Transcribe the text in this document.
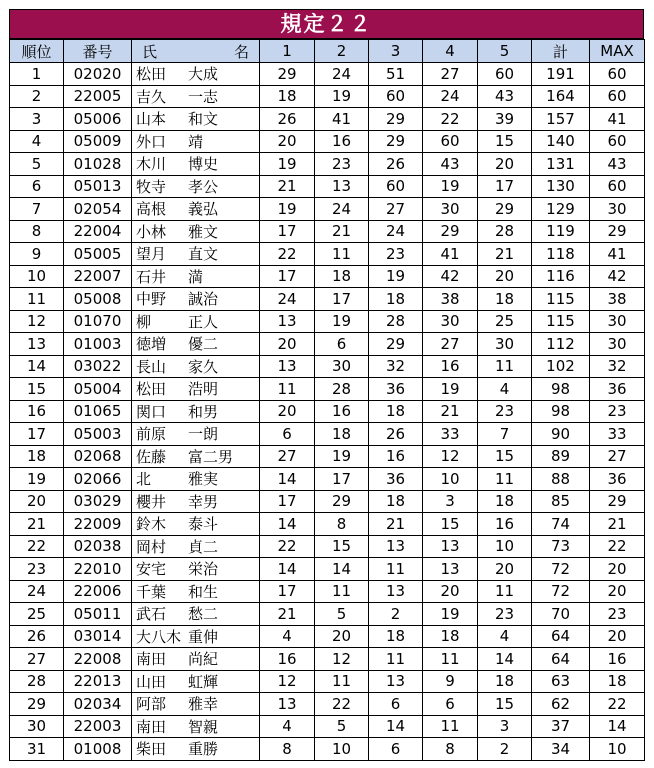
規定２２
順位	番号	氏 名	1	2	3	4	5	計	MAX
1	02020	松田 大成	29	24	51	27	60	191	60
2	22005	吉久 一志	18	19	60	24	43	164	60
3	05006	山本 和文	26	41	29	22	39	157	41
4	05009	外口 靖	20	16	29	60	15	140	60
5	01028	木川 博史	19	23	26	43	20	131	43
6	05013	牧寺 孝公	21	13	60	19	17	130	60
7	02054	高根 義弘	19	24	27	30	29	129	30
8	22004	小林 雅文	17	21	24	29	28	119	29
9	05005	望月 直文	22	11	23	41	21	118	41
10	22007	石井 満	17	18	19	42	20	116	42
11	05008	中野 誠治	24	17	18	38	18	115	38
12	01070	柳 正人	13	19	28	30	25	115	30
13	01003	徳増 優二	20	6	29	27	30	112	30
14	03022	長山 家久	13	30	32	16	11	102	32
15	05004	松田 浩明	11	28	36	19	4	98	36
16	01065	関口 和男	20	16	18	21	23	98	23
17	05003	前原 一朗	6	18	26	33	7	90	33
18	02068	佐藤 富二男	27	19	16	12	15	89	27
19	02066	北 雅実	14	17	36	10	11	88	36
20	03029	櫻井 幸男	17	29	18	3	18	85	29
21	22009	鈴木 泰斗	14	8	21	15	16	74	21
22	02038	岡村 貞二	22	15	13	13	10	73	22
23	22010	安宅 栄治	14	14	11	13	20	72	20
24	22006	千葉 和生	17	11	13	20	11	72	20
25	05011	武石 愁二	21	5	2	19	23	70	23
26	03014	大八木 重伸	4	20	18	18	4	64	20
27	22008	南田 尚紀	16	12	11	11	14	64	16
28	22013	山田 虹輝	12	11	13	9	18	63	18
29	02034	阿部 雅幸	13	22	6	6	15	62	22
30	22003	南田 智親	4	5	14	11	3	37	14
31	01008	柴田 重勝	8	10	6	8	2	34	10
